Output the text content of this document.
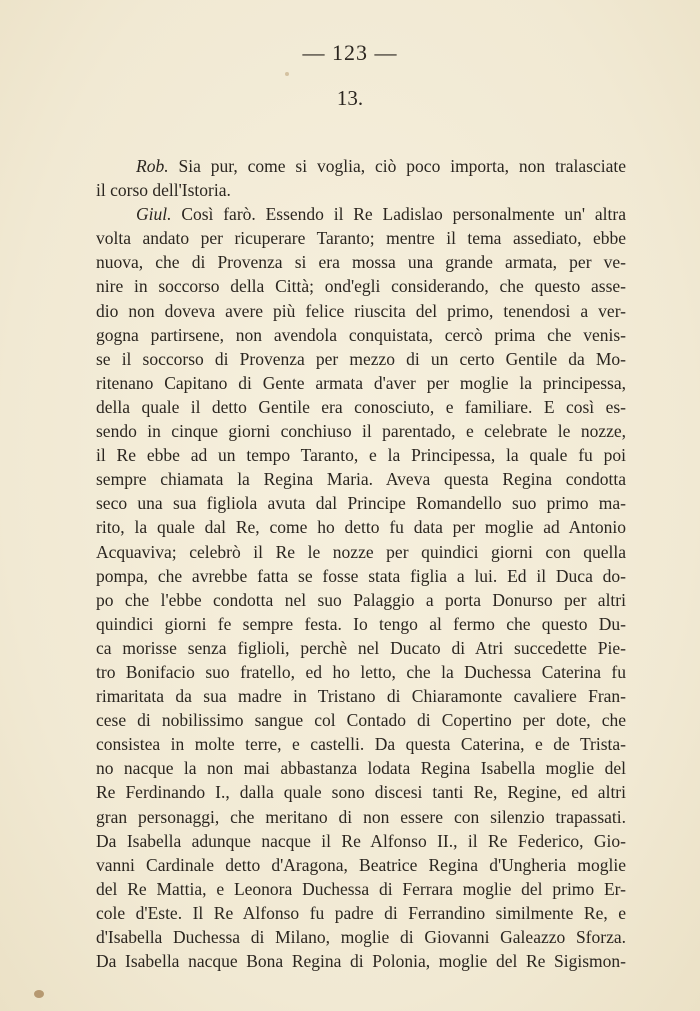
— 123 —
13.
Rob. Sia pur, come si voglia, ciò poco importa, non tralasciate
il corso dell'Istoria.
Giul. Così farò. Essendo il Re Ladislao personalmente un' altra
volta andato per ricuperare Taranto; mentre il tema assediato, ebbe
nuova, che di Provenza si era mossa una grande armata, per ve-
nire in soccorso della Città; ond'egli considerando, che questo asse-
dio non doveva avere più felice riuscita del primo, tenendosi a ver-
gogna partirsene, non avendola conquistata, cercò prima che venis-
se il soccorso di Provenza per mezzo di un certo Gentile da Mo-
ritenano Capitano di Gente armata d'aver per moglie la principessa,
della quale il detto Gentile era conosciuto, e familiare. E così es-
sendo in cinque giorni conchiuso il parentado, e celebrate le nozze,
il Re ebbe ad un tempo Taranto, e la Principessa, la quale fu poi
sempre chiamata la Regina Maria. Aveva questa Regina condotta
seco una sua figliola avuta dal Principe Romandello suo primo ma-
rito, la quale dal Re, come ho detto fu data per moglie ad Antonio
Acquaviva; celebrò il Re le nozze per quindici giorni con quella
pompa, che avrebbe fatta se fosse stata figlia a lui. Ed il Duca do-
po che l'ebbe condotta nel suo Palaggio a porta Donurso per altri
quindici giorni fe sempre festa. Io tengo al fermo che questo Du-
ca morisse senza figlioli, perchè nel Ducato di Atri succedette Pie-
tro Bonifacio suo fratello, ed ho letto, che la Duchessa Caterina fu
rimaritata da sua madre in Tristano di Chiaramonte cavaliere Fran-
cese di nobilissimo sangue col Contado di Copertino per dote, che
consistea in molte terre, e castelli. Da questa Caterina, e de Trista-
no nacque la non mai abbastanza lodata Regina Isabella moglie del
Re Ferdinando I., dalla quale sono discesi tanti Re, Regine, ed altri
gran personaggi, che meritano di non essere con silenzio trapassati.
Da Isabella adunque nacque il Re Alfonso II., il Re Federico, Gio-
vanni Cardinale detto d'Aragona, Beatrice Regina d'Ungheria moglie
del Re Mattia, e Leonora Duchessa di Ferrara moglie del primo Er-
cole d'Este. Il Re Alfonso fu padre di Ferrandino similmente Re, e
d'Isabella Duchessa di Milano, moglie di Giovanni Galeazzo Sforza.
Da Isabella nacque Bona Regina di Polonia, moglie del Re Sigismon-
